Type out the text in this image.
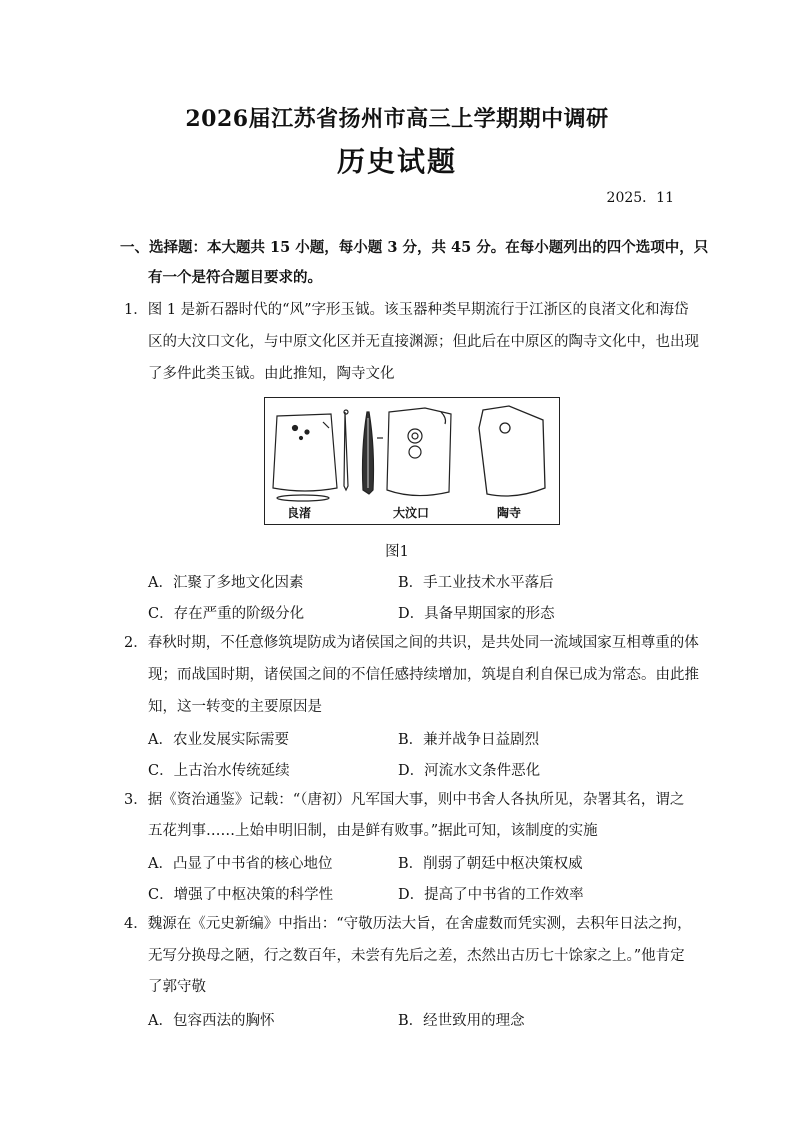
2026届江苏省扬州市高三上学期期中调研
历史试题
2025．11
一、选择题：本大题共 15 小题，每小题 3 分，共 45 分。在每小题列出的四个选项中，只
有一个是符合题目要求的。
1．图 1 是新石器时代的“风”字形玉钺。该玉器种类早期流行于江浙区的良渚文化和海岱
区的大汶口文化，与中原文化区并无直接渊源；但此后在中原区的陶寺文化中，也出现
了多件此类玉钺。由此推知，陶寺文化
良渚	大汶口	陶寺
图1
A．汇聚了多地文化因素	B．手工业技术水平落后
C．存在严重的阶级分化	D．具备早期国家的形态
2．春秋时期，不任意修筑堤防成为诸侯国之间的共识，是共处同一流域国家互相尊重的体
现；而战国时期，诸侯国之间的不信任感持续增加，筑堤自利自保已成为常态。由此推
知，这一转变的主要原因是
A．农业发展实际需要	B．兼并战争日益剧烈
C．上古治水传统延续	D．河流水文条件恶化
3．据《资治通鉴》记载：“（唐初）凡军国大事，则中书舍人各执所见，杂署其名，谓之
五花判事……上始申明旧制，由是鲜有败事。”据此可知，该制度的实施
A．凸显了中书省的核心地位	B．削弱了朝廷中枢决策权威
C．增强了中枢决策的科学性	D．提高了中书省的工作效率
4．魏源在《元史新编》中指出：“守敬历法大旨，在舍虚数而凭实测，去积年日法之拘，
无写分换母之陋，行之数百年，未尝有先后之差，杰然出古历七十馀家之上。”他肯定
了郭守敬
A．包容西法的胸怀	B．经世致用的理念
